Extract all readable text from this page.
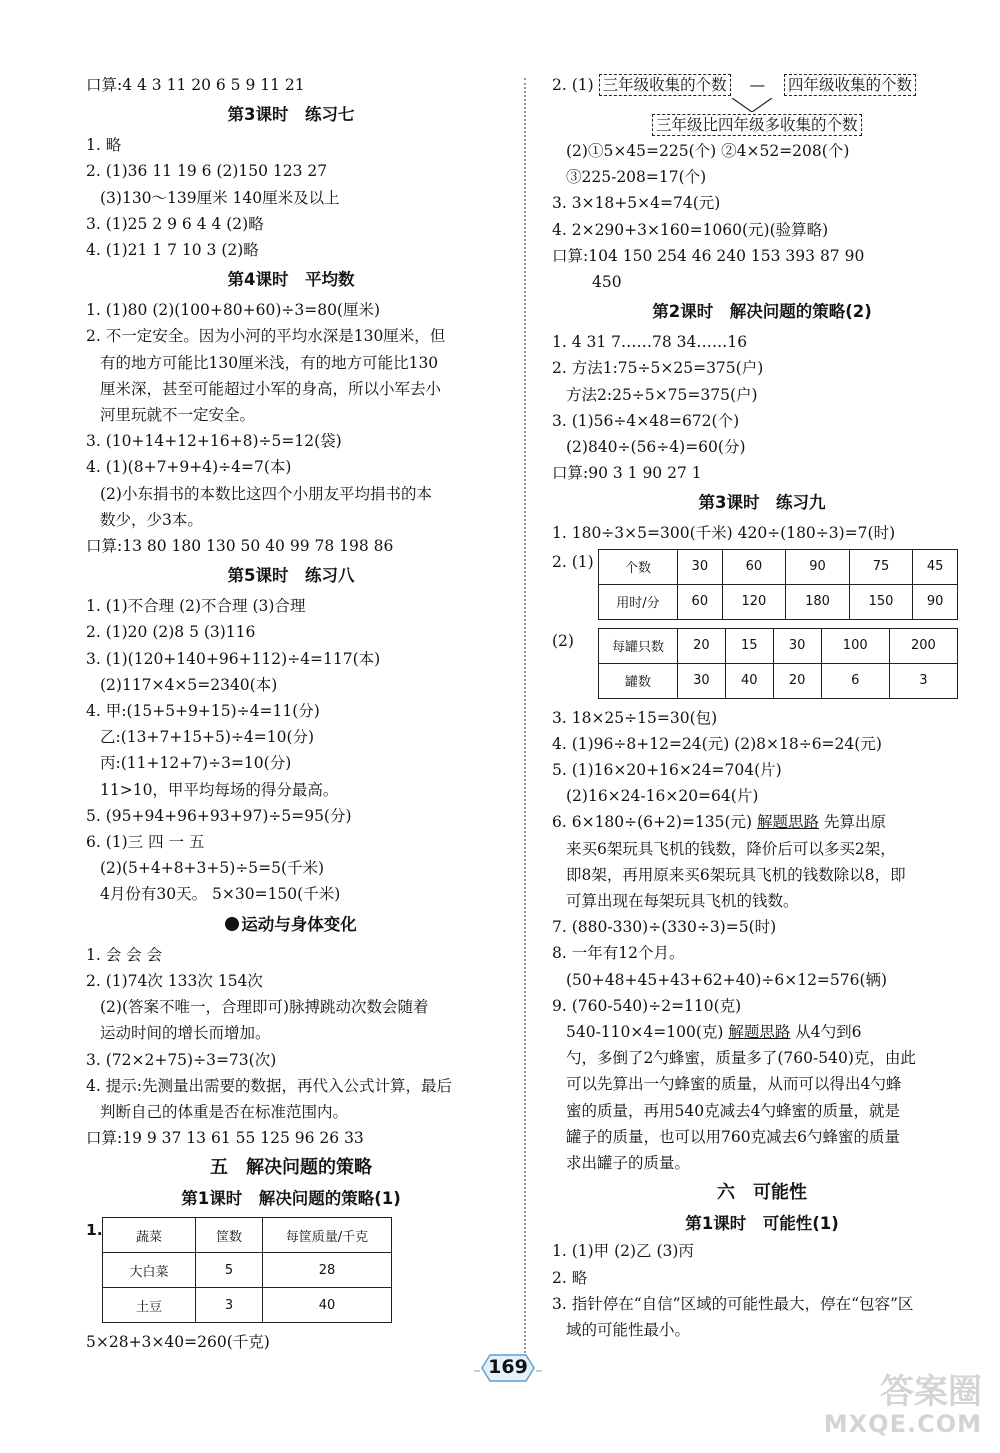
口算:4 4 3 11 20 6 5 9 11 21
第3课时　练习七
1. 略
2. (1)36 11 19 6 (2)150 123 27
(3)130～139厘米 140厘米及以上
3. (1)25 2 9 6 4 4 (2)略
4. (1)21 1 7 10 3 (2)略
第4课时　平均数
1. (1)80 (2)(100+80+60)÷3=80(厘米)
2. 不一定安全。因为小河的平均水深是130厘米，但
有的地方可能比130厘米浅，有的地方可能比130
厘米深，甚至可能超过小军的身高，所以小军去小
河里玩就不一定安全。
3. (10+14+12+16+8)÷5=12(袋)
4. (1)(8+7+9+4)÷4=7(本)
(2)小东捐书的本数比这四个小朋友平均捐书的本
数少，少3本。
口算:13 80 180 130 50 40 99 78 198 86
第5课时　练习八
1. (1)不合理 (2)不合理 (3)合理
2. (1)20 (2)8 5 (3)116
3. (1)(120+140+96+112)÷4=117(本)
(2)117×4×5=2340(本)
4. 甲:(15+5+9+15)÷4=11(分)
乙:(13+7+15+5)÷4=10(分)
丙:(11+12+7)÷3=10(分)
11>10，甲平均每场的得分最高。
5. (95+94+96+93+97)÷5=95(分)
6. (1)三 四 一 五
(2)(5+4+8+3+5)÷5=5(千米)
4月份有30天。 5×30=150(千米)
运动与身体变化
1. 会 会 会
2. (1)74次 133次 154次
(2)(答案不唯一，合理即可)脉搏跳动次数会随着
运动时间的增长而增加。
3. (72×2+75)÷3=73(次)
4. 提示:先测量出需要的数据，再代入公式计算，最后
判断自己的体重是否在标准范围内。
口算:19 9 37 13 61 55 125 96 26 33
五　解决问题的策略
第1课时　解决问题的策略(1)
1.	蔬菜	筐数	每筐质量/千克
大白菜	5	28
土豆	3	40
5×28+3×40=260(千克)
2. (1) 三年级收集的个数 — 四年级收集的个数
三年级比四年级多收集的个数
(2)①5×45=225(个) ②4×52=208(个)
③225-208=17(个)
3. 3×18+5×4=74(元)
4. 2×290+3×160=1060(元)(验算略)
口算:104 150 254 46 240 153 393 87 90
450
第2课时　解决问题的策略(2)
1. 4 31 7……78 34……16
2. 方法1:75÷5×25=375(户)
方法2:25÷5×75=375(户)
3. (1)56÷4×48=672(个)
(2)840÷(56÷4)=60(分)
口算:90 3 1 90 27 1
第3课时　练习九
1. 180÷3×5=300(千米) 420÷(180÷3)=7(时)
2. (1)	个数	30	60	90	75	45
用时/分	60	120	180	150	90
(2)	每罐只数	20	15	30	100	200
罐数	30	40	20	6	3
3. 18×25÷15=30(包)
4. (1)96÷8+12=24(元) (2)8×18÷6=24(元)
5. (1)16×20+16×24=704(片)
(2)16×24-16×20=64(片)
6. 6×180÷(6+2)=135(元) 解题思路 先算出原
来买6架玩具飞机的钱数，降价后可以多买2架，
即8架，再用原来买6架玩具飞机的钱数除以8，即
可算出现在每架玩具飞机的钱数。
7. (880-330)÷(330÷3)=5(时)
8. 一年有12个月。
(50+48+45+43+62+40)÷6×12=576(辆)
9. (760-540)÷2=110(克)
540-110×4=100(克) 解题思路 从4勺到6
勺，多倒了2勺蜂蜜，质量多了(760-540)克，由此
可以先算出一勺蜂蜜的质量，从而可以得出4勺蜂
蜜的质量，再用540克减去4勺蜂蜜的质量，就是
罐子的质量，也可以用760克减去6勺蜂蜜的质量
求出罐子的质量。
六　可能性
第1课时　可能性(1)
1. (1)甲 (2)乙 (3)丙
2. 略
3. 指针停在“自信”区域的可能性最大，停在“包容”区
域的可能性最小。
169
答案圈
MXQE.COM
